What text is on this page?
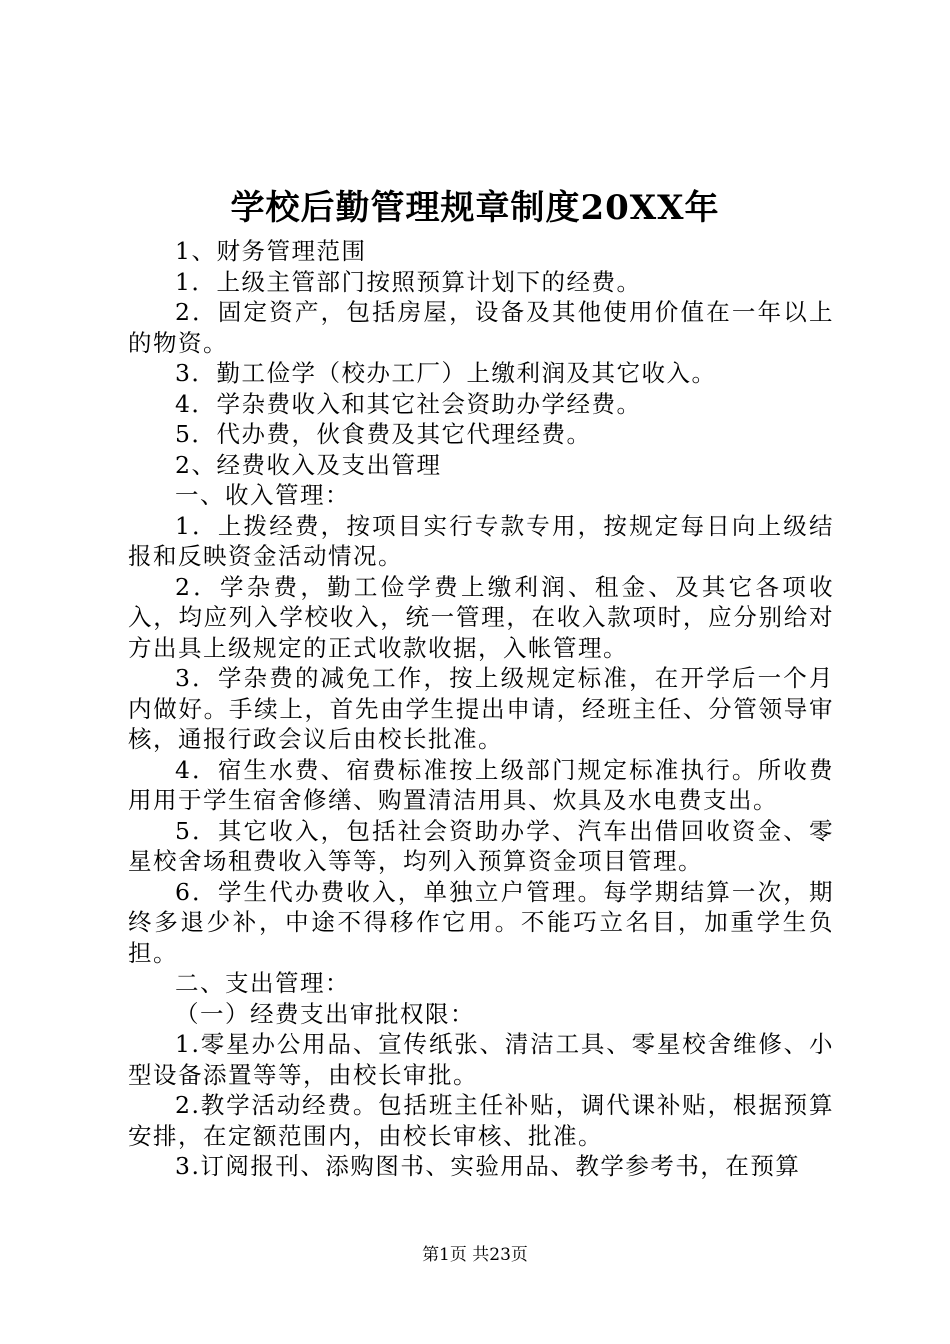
学校后勤管理规章制度20XX年

1、财务管理范围

1．上级主管部门按照预算计划下的经费。

2．固定资产，包括房屋，设备及其他使用价值在一年以上的物资。

3．勤工俭学（校办工厂）上缴利润及其它收入。

4．学杂费收入和其它社会资助办学经费。

5．代办费，伙食费及其它代理经费。

2、经费收入及支出管理

一、收入管理：

1．上拨经费，按项目实行专款专用，按规定每日向上级结报和反映资金活动情况。

2．学杂费，勤工俭学费上缴利润、租金、及其它各项收入，均应列入学校收入，统一管理，在收入款项时，应分别给对方出具上级规定的正式收款收据，入帐管理。

3．学杂费的减免工作，按上级规定标准，在开学后一个月内做好。手续上，首先由学生提出申请，经班主任、分管领导审核，通报行政会议后由校长批准。

4．宿生水费、宿费标准按上级部门规定标准执行。所收费用用于学生宿舍修缮、购置清洁用具、炊具及水电费支出。

5．其它收入，包括社会资助办学、汽车出借回收资金、零星校舍场租费收入等等，均列入预算资金项目管理。

6．学生代办费收入，单独立户管理。每学期结算一次，期终多退少补，中途不得移作它用。不能巧立名目，加重学生负担。

二、支出管理：

（一）经费支出审批权限：

1.零星办公用品、宣传纸张、清洁工具、零星校舍维修、小型设备添置等等，由校长审批。

2.教学活动经费。包括班主任补贴，调代课补贴，根据预算安排，在定额范围内，由校长审核、批准。

3.订阅报刊、添购图书、实验用品、教学参考书，在预算

第1页 共23页
